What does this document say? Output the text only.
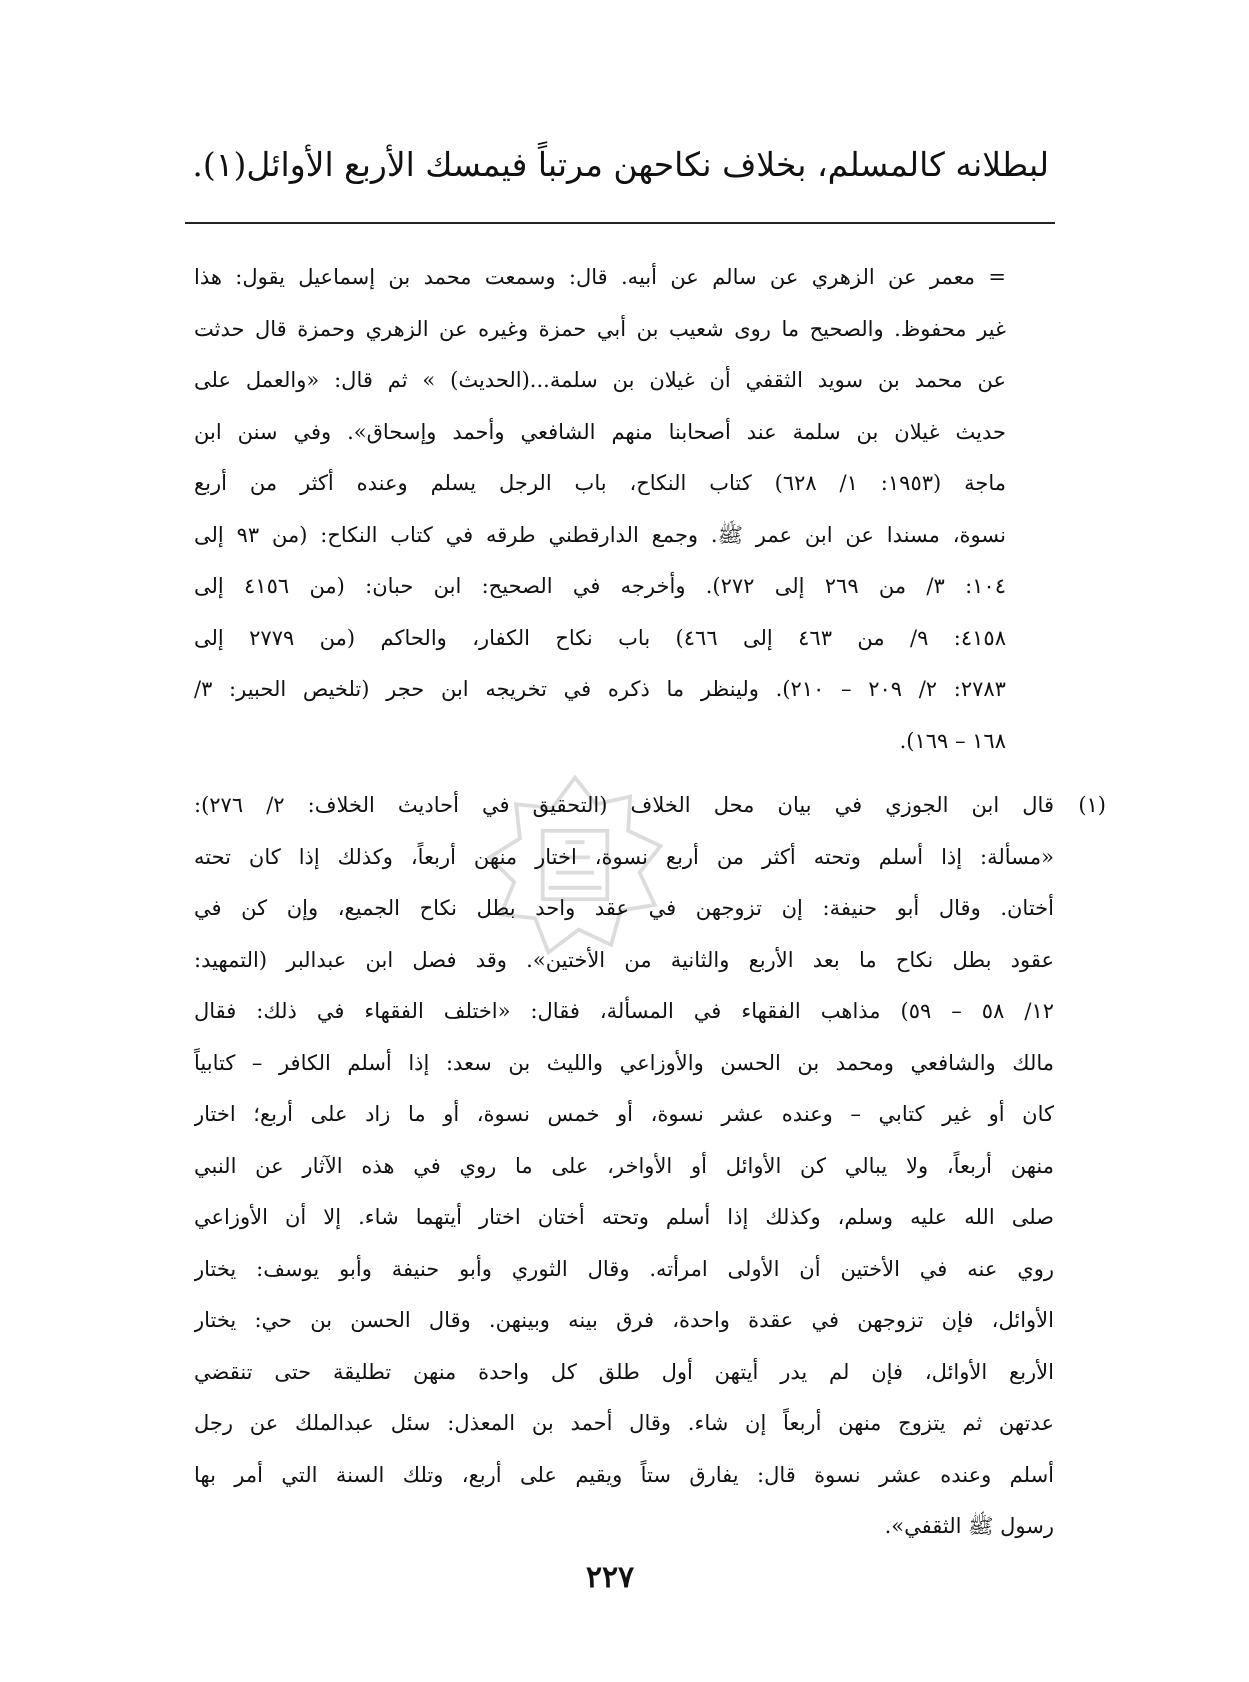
لبطلانه كالمسلم، بخلاف نكاحهن مرتباً فيمسك الأربع الأوائل(١).
= معمر عن الزهري عن سالم عن أبيه. قال: وسمعت محمد بن إسماعيل يقول: هذا
غير محفوظ. والصحيح ما روى شعيب بن أبي حمزة وغيره عن الزهري وحمزة قال حدثت
عن محمد بن سويد الثقفي أن غيلان بن سلمة...(الحديث) » ثم قال: «والعمل على
حديث غيلان بن سلمة عند أصحابنا منهم الشافعي وأحمد وإسحاق». وفي سنن ابن
ماجة (١٩٥٣: ١/ ٦٢٨) كتاب النكاح، باب الرجل يسلم وعنده أكثر من أربع
نسوة، مسندا عن ابن عمر ﷺ. وجمع الدارقطني طرقه في كتاب النكاح: (من ٩٣ إلى
١٠٤: ٣/ من ٢٦٩ إلى ٢٧٢). وأخرجه في الصحيح: ابن حبان: (من ٤١٥٦ إلى
٤١٥٨: ٩/ من ٤٦٣ إلى ٤٦٦) باب نكاح الكفار، والحاكم (من ٢٧٧٩ إلى
٢٧٨٣: ٢/ ٢٠٩ – ٢١٠). ولينظر ما ذكره في تخريجه ابن حجر (تلخيص الحبير: ٣/
١٦٨ – ١٦٩).
(١)
قال ابن الجوزي في بيان محل الخلاف (التحقيق في أحاديث الخلاف: ٢/ ٢٧٦):
«مسألة: إذا أسلم وتحته أكثر من أربع نسوة، اختار منهن أربعاً، وكذلك إذا كان تحته
أختان. وقال أبو حنيفة: إن تزوجهن في عقد واحد بطل نكاح الجميع، وإن كن في
عقود بطل نكاح ما بعد الأربع والثانية من الأختين». وقد فصل ابن عبدالبر (التمهيد:
١٢/ ٥٨ – ٥٩) مذاهب الفقهاء في المسألة، فقال: «اختلف الفقهاء في ذلك: فقال
مالك والشافعي ومحمد بن الحسن والأوزاعي والليث بن سعد: إذا أسلم الكافر – كتابياً
كان أو غير كتابي – وعنده عشر نسوة، أو خمس نسوة، أو ما زاد على أربع؛ اختار
منهن أربعاً، ولا يبالي كن الأوائل أو الأواخر، على ما روي في هذه الآثار عن النبي
صلى الله عليه وسلم، وكذلك إذا أسلم وتحته أختان اختار أيتهما شاء. إلا أن الأوزاعي
روي عنه في الأختين أن الأولى امرأته. وقال الثوري وأبو حنيفة وأبو يوسف: يختار
الأوائل، فإن تزوجهن في عقدة واحدة، فرق بينه وبينهن. وقال الحسن بن حي: يختار
الأربع الأوائل، فإن لم يدر أيتهن أول طلق كل واحدة منهن تطليقة حتى تنقضي
عدتهن ثم يتزوج منهن أربعاً إن شاء. وقال أحمد بن المعذل: سئل عبدالملك عن رجل
أسلم وعنده عشر نسوة قال: يفارق ستاً ويقيم على أربع، وتلك السنة التي أمر بها
رسول ﷺ الثقفي».
٢٢٧
